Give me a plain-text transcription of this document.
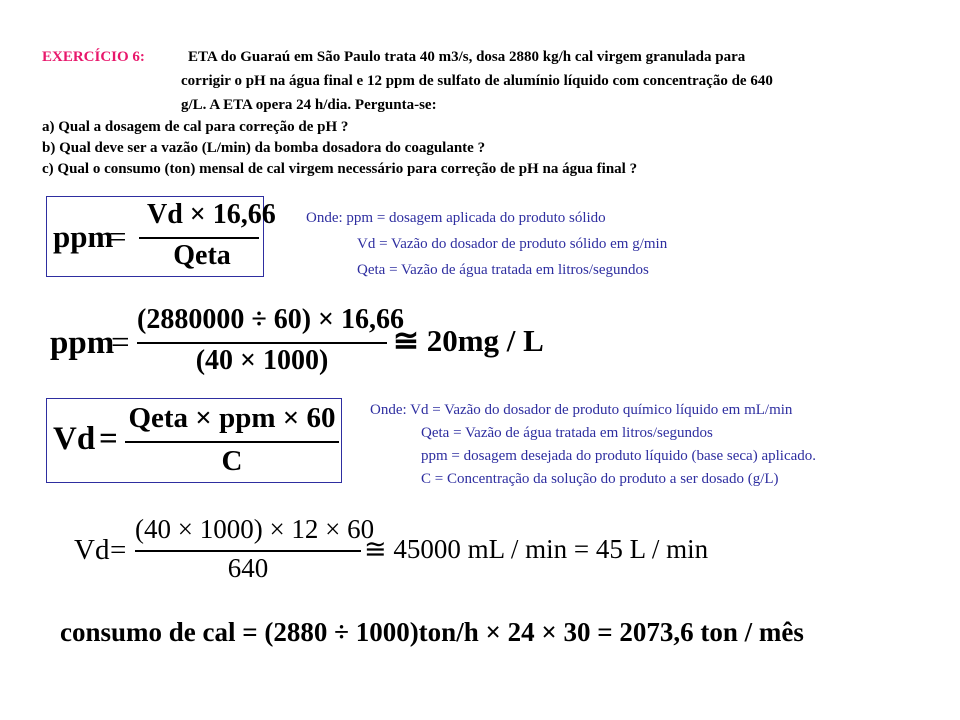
EXERCÍCIO 6:	ETA do Guaraú em São Paulo trata 40 m3/s, dosa 2880 kg/h cal virgem granulada para
corrigir o pH na água final e 12 ppm de sulfato de alumínio líquido com concentração de 640
g/L. A ETA opera 24 h/dia. Pergunta-se:
a) Qual a dosagem de cal para correção de pH ?
b) Qual deve ser a vazão (L/min) da bomba dosadora do coagulante ?
c) Qual o consumo (ton) mensal de cal virgem necessário para correção de pH na água final ?
ppm
=
Vd × 16,66
Qeta
Onde: ppm = dosagem aplicada do produto sólido
Vd = Vazão do dosador de produto sólido em g/min
Qeta = Vazão de água tratada em litros/segundos
ppm
=
(2880000 ÷ 60) × 16,66
(40 × 1000)
≅ 20mg / L
Vd =
Qeta × ppm × 60
C
Onde: Vd = Vazão do dosador de produto químico líquido em mL/min
Qeta = Vazão de água tratada em litros/segundos
ppm = dosagem desejada do produto líquido (base seca) aplicado.
C = Concentração da solução do produto a ser dosado (g/L)
Vd =
(40 × 1000) × 12 × 60
640
≅ 45000 mL / min = 45 L / min
consumo de cal = (2880 ÷ 1000)ton/h × 24 × 30 = 2073,6 ton / mês
